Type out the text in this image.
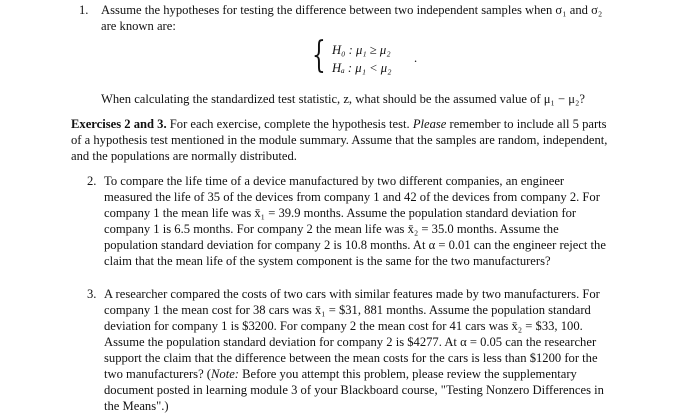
1. Assume the hypotheses for testing the difference between two independent samples when σ₁ and σ₂
are known are:
{ H₀ : μ₁ ≥ μ₂
Hₐ : μ₁ < μ₂
.
When calculating the standardized test statistic, z, what should be the assumed value of μ₁ − μ₂?
Exercises 2 and 3. For each exercise, complete the hypothesis test. Please remember to include all 5 parts
of a hypothesis test mentioned in the module summary. Assume that the samples are random, independent,
and the populations are normally distributed.
2. To compare the life time of a device manufactured by two different companies, an engineer
measured the life of 35 of the devices from company 1 and 42 of the devices from company 2. For
company 1 the mean life was x̄₁ = 39.9 months. Assume the population standard deviation for
company 1 is 6.5 months. For company 2 the mean life was x̄₂ = 35.0 months. Assume the
population standard deviation for company 2 is 10.8 months. At α = 0.01 can the engineer reject the
claim that the mean life of the system component is the same for the two manufacturers?
3. A researcher compared the costs of two cars with similar features made by two manufacturers. For
company 1 the mean cost for 38 cars was x̄₁ = $31, 881 months. Assume the population standard
deviation for company 1 is $3200. For company 2 the mean cost for 41 cars was x̄₂ = $33, 100.
Assume the population standard deviation for company 2 is $4277. At α = 0.05 can the researcher
support the claim that the difference between the mean costs for the cars is less than $1200 for the
two manufacturers? (Note: Before you attempt this problem, please review the supplementary
document posted in learning module 3 of your Blackboard course, "Testing Nonzero Differences in
the Means".)
